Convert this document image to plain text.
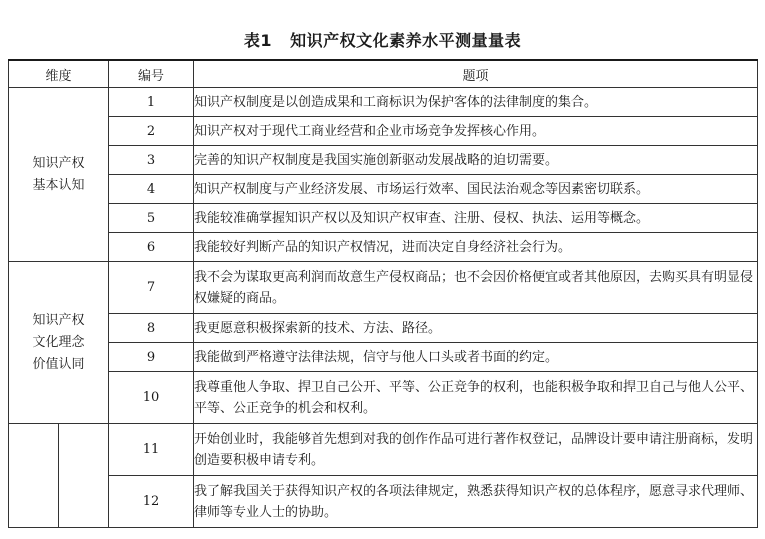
表1 知识产权文化素养水平测量量表
维度		编号	题项

知识产权
基本认知		1	知识产权制度是以创造成果和工商标识为保护客体的法律制度的集合。
		2	知识产权对于现代工商业经营和企业市场竞争发挥核心作用。
		3	完善的知识产权制度是我国实施创新驱动发展战略的迫切需要。
		4	知识产权制度与产业经济发展、市场运行效率、国民法治观念等因素密切联系。
		5	我能较准确掌握知识产权以及知识产权审查、注册、侵权、执法、运用等概念。
		6	我能较好判断产品的知识产权情况，进而决定自身经济社会行为。

知识产权
文化理念
价值认同		7	我不会为谋取更高利润而故意生产侵权商品；也不会因价格便宜或者其他原因，去购买具有明显侵权嫌疑的商品。
		8	我更愿意积极探索新的技术、方法、路径。
		9	我能做到严格遵守法律法规，信守与他人口头或者书面的约定。
		10	我尊重他人争取、捍卫自己公开、平等、公正竞争的权利，也能积极争取和捍卫自己与他人公平、平等、公正竞争的机会和权利。
		11	开始创业时，我能够首先想到对我的创作作品可进行著作权登记，品牌设计要申请注册商标，发明创造要积极申请专利。
		12	我了解我国关于获得知识产权的各项法律规定，熟悉获得知识产权的总体程序，愿意寻求代理师、律师等专业人士的协助。
